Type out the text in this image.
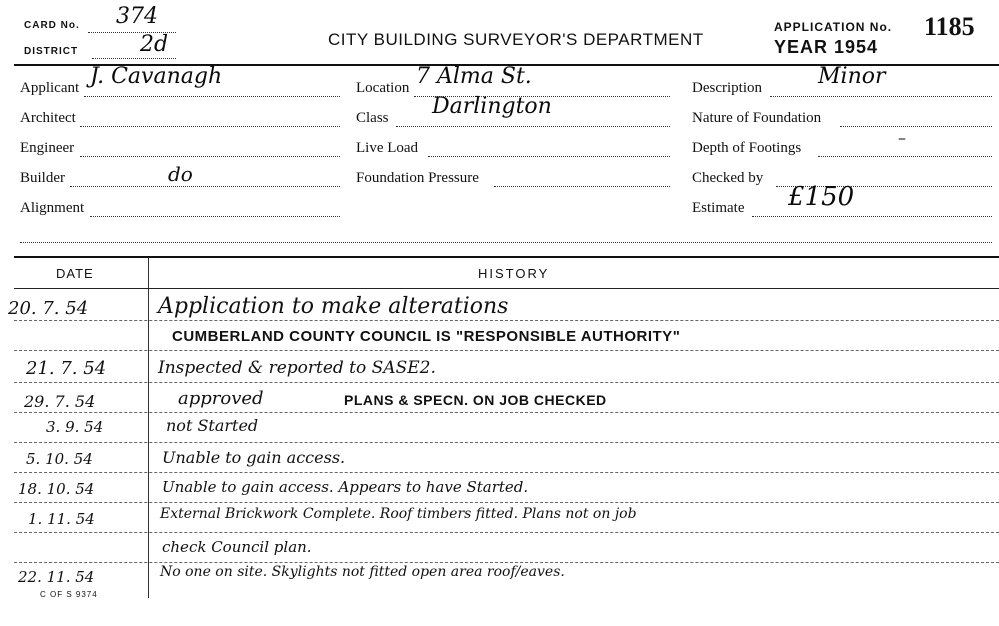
CARD No. 374
DISTRICT	2d	CITY BUILDING SURVEYOR'S DEPARTMENT
APPLICATION No. 1185
YEAR 1954
Applicant J. Cavanagh
Architect
Engineer
Builder	do
Alignment
Location 7 Alma St.
Class Darlington
Live Load
Foundation Pressure
Description	Minor
Nature of Foundation
Depth of Footings
–
Checked by
Estimate £150
DATE	HISTORY
20. 7. 54	Application to make alterations
CUMBERLAND COUNTY COUNCIL IS "RESPONSIBLE AUTHORITY"
21. 7. 54	Inspected & reported to SASE2.
29. 7. 54	approved	PLANS & SPECN. ON JOB CHECKED
3. 9. 54	not Started
5. 10. 54	Unable to gain access.
18. 10. 54	Unable to gain access. Appears to have Started.
1. 11. 54	External Brickwork Complete. Roof timbers fitted. Plans not on job
check Council plan.
22. 11. 54	No one on site. Skylights not fitted open area roof/eaves.
C OF S 9374
